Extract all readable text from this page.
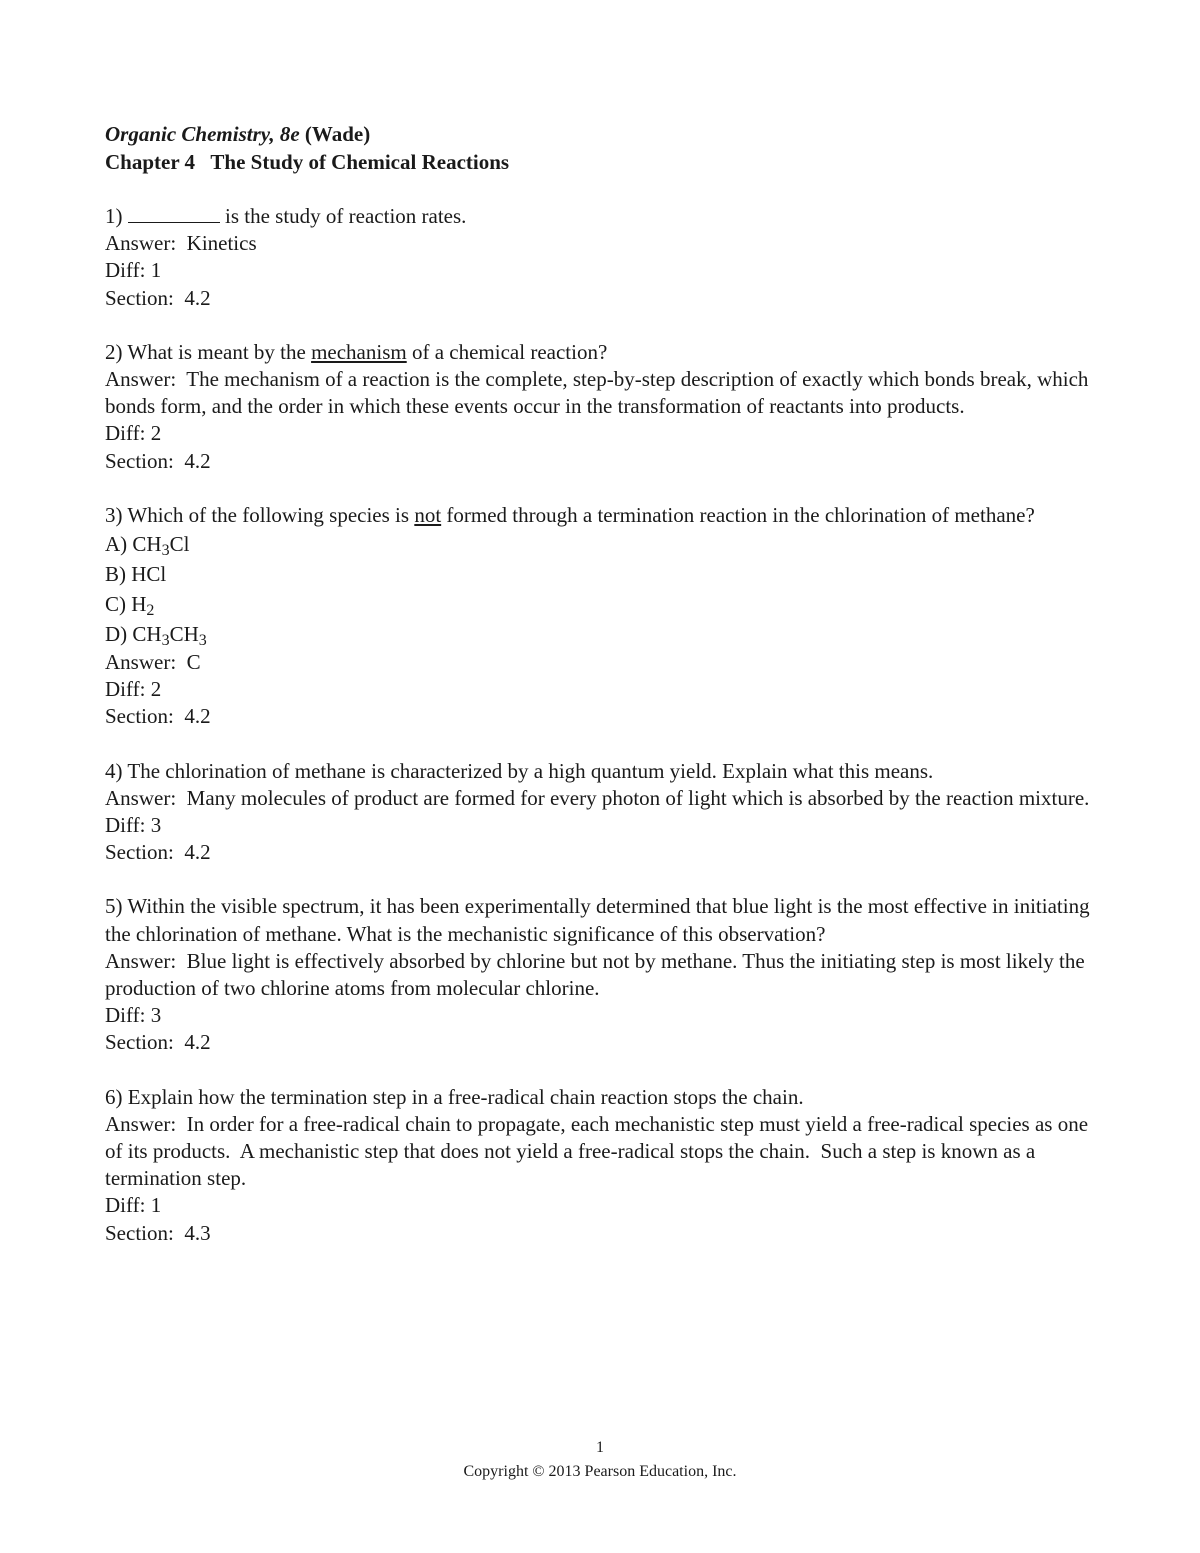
Organic Chemistry, 8e (Wade)
Chapter 4   The Study of Chemical Reactions
1)	is the study of reaction rates.
Answer: Kinetics
Diff: 1
Section:  4.2
2) What is meant by the mechanism of a chemical reaction?
Answer: The mechanism of a reaction is the complete, step-by-step description of exactly which bonds break, which bonds form, and the order in which these events occur in the transformation of reactants into products.
Diff: 2
Section:  4.2
3) Which of the following species is not formed through a termination reaction in the chlorination of methane?
A) $CH_3Cl$
B) HCl
C) $H_2$
D) $CH_3CH_3$
Answer: C
Diff: 2
Section:  4.2
4) The chlorination of methane is characterized by a high quantum yield. Explain what this means.
Answer: Many molecules of product are formed for every photon of light which is absorbed by the reaction mixture.
Diff: 3
Section:  4.2
5) Within the visible spectrum, it has been experimentally determined that blue light is the most effective in initiating the chlorination of methane. What is the mechanistic significance of this observation?
Answer: Blue light is effectively absorbed by chlorine but not by methane. Thus the initiating step is most likely the production of two chlorine atoms from molecular chlorine.
Diff: 3
Section:  4.2
6) Explain how the termination step in a free-radical chain reaction stops the chain.
Answer: In order for a free-radical chain to propagate, each mechanistic step must yield a free-radical species as one of its products.  A mechanistic step that does not yield a free-radical stops the chain.  Such a step is known as a termination step.
Diff: 1
Section:  4.3
1
Copyright © 2013 Pearson Education, Inc.
